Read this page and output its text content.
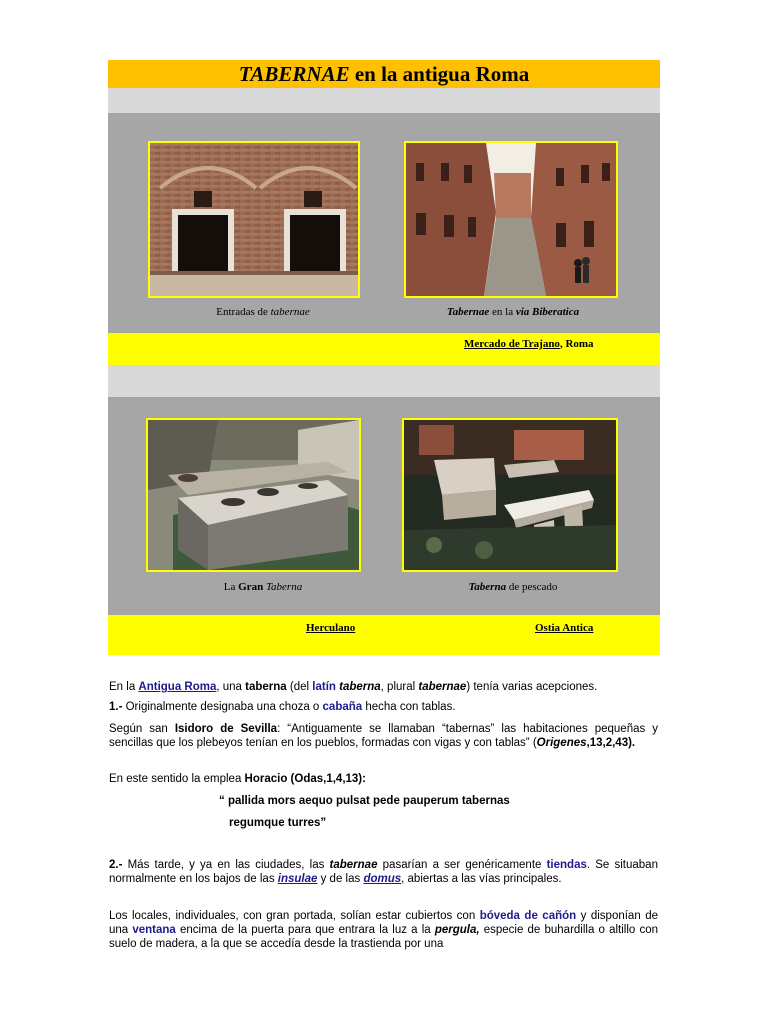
TABERNAE en la antigua Roma
Entradas de tabernae	Tabernae en la via Biberatica
Mercado de Trajano, Roma
La Gran Taberna	Taberna de pescado
Herculano	Ostia Antica

En la Antigua Roma, una taberna (del latín taberna, plural tabernae) tenía varias acepciones.

1.- Originalmente designaba una choza o cabaña hecha con tablas.

Según san Isidoro de Sevilla: “Antiguamente se llamaban “tabernas” las habitaciones pequeñas y sencillas que los plebeyos tenían en los pueblos, formadas con vigas y con tablas” (Origenes,13,2,43).

En este sentido la emplea Horacio (Odas,1,4,13):

“ pallida mors aequo pulsat pede pauperum tabernas
regumque turres”

2.- Más tarde, y ya en las ciudades, las tabernae pasarían a ser genéricamente tiendas. Se situaban normalmente en los bajos de las insulae y de las domus, abiertas a las vías principales.

Los locales, individuales, con gran portada, solían estar cubiertos con bóveda de cañón y disponían de una ventana encima de la puerta para que entrara la luz a la pergula, especie de buhardilla o altillo con suelo de madera, a la que se accedía desde la trastienda por una
